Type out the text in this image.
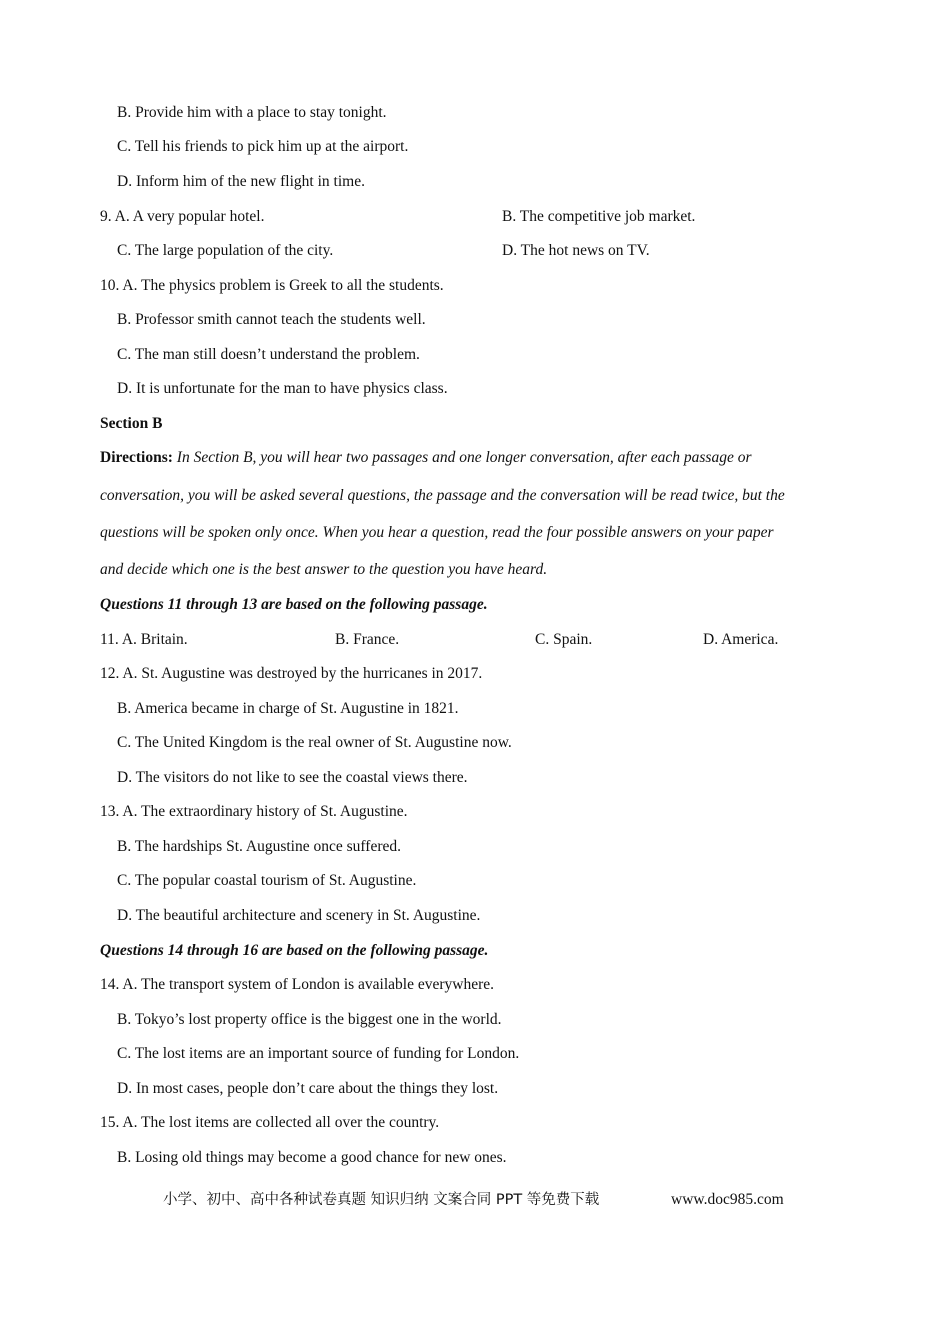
B. Provide him with a place to stay tonight.
C. Tell his friends to pick him up at the airport.
D. Inform him of the new flight in time.
9. A. A very popular hotel.	B. The competitive job market.
C. The large population of the city.	D. The hot news on TV.
10. A. The physics problem is Greek to all the students.
B. Professor smith cannot teach the students well.
C. The man still doesn’t understand the problem.
D. It is unfortunate for the man to have physics class.
Section B
Directions: In Section B, you will hear two passages and one longer conversation, after each passage or
conversation, you will be asked several questions, the passage and the conversation will be read twice, but the
questions will be spoken only once. When you hear a question, read the four possible answers on your paper
and decide which one is the best answer to the question you have heard.
Questions 11 through 13 are based on the following passage.
11. A. Britain.	B. France.	C. Spain.	D. America.
12. A. St. Augustine was destroyed by the hurricanes in 2017.
B. America became in charge of St. Augustine in 1821.
C. The United Kingdom is the real owner of St. Augustine now.
D. The visitors do not like to see the coastal views there.
13. A. The extraordinary history of St. Augustine.
B. The hardships St. Augustine once suffered.
C. The popular coastal tourism of St. Augustine.
D. The beautiful architecture and scenery in St. Augustine.
Questions 14 through 16 are based on the following passage.
14. A. The transport system of London is available everywhere.
B. Tokyo’s lost property office is the biggest one in the world.
C. The lost items are an important source of funding for London.
D. In most cases, people don’t care about the things they lost.
15. A. The lost items are collected all over the country.
B. Losing old things may become a good chance for new ones.
小学、初中、高中各种试卷真题 知识归纳 文案合同 PPT 等免费下载	www.doc985.com
